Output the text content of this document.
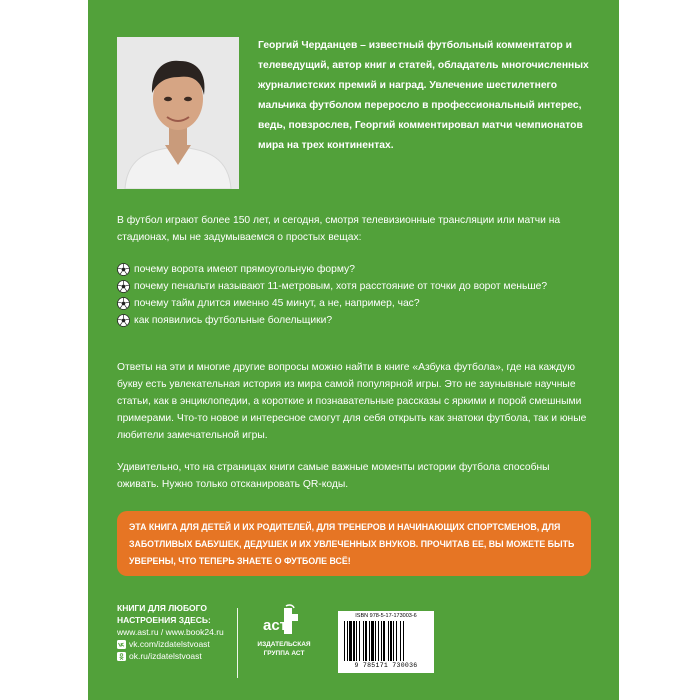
Георгий Черданцев – известный футбольный комментатор и телеведущий, автор книг и статей, обладатель многочисленных журналистских премий и наград. Увлечение шестилетнего мальчика футболом переросло в профессиональный интерес, ведь, повзрослев, Георгий комментировал матчи чемпионатов мира на трех континентах.
В футбол играют более 150 лет, и сегодня, смотря телевизионные трансляции или матчи на стадионах, мы не задумываемся о простых вещах:
почему ворота имеют прямоугольную форму?
почему пенальти называют 11-метровым, хотя расстояние от точки до ворот меньше?
почему тайм длится именно 45 минут, а не, например, час?
как появились футбольные болельщики?
Ответы на эти и многие другие вопросы можно найти в книге «Азбука футбола», где на каждую букву есть увлекательная история из мира самой популярной игры. Это не заунывные научные статьи, как в энциклопедии, а короткие и познавательные рассказы с яркими и порой смешными примерами. Что-то новое и интересное смогут для себя открыть как знатоки футбола, так и юные любители замечательной игры.
Удивительно, что на страницах книги самые важные моменты истории футбола способны оживать. Нужно только отсканировать QR-коды.
ЭТА КНИГА ДЛЯ ДЕТЕЙ И ИХ РОДИТЕЛЕЙ, ДЛЯ ТРЕНЕРОВ И НАЧИНАЮЩИХ СПОРТСМЕНОВ, ДЛЯ ЗАБОТЛИВЫХ БАБУШЕК, ДЕДУШЕК И ИХ УВЛЕЧЕННЫХ ВНУКОВ. ПРОЧИТАВ ЕЕ, ВЫ МОЖЕТЕ БЫТЬ УВЕРЕНЫ, ЧТО ТЕПЕРЬ ЗНАЕТЕ О ФУТБОЛЕ ВСЁ!
КНИГИ ДЛЯ ЛЮБОГО
НАСТРОЕНИЯ ЗДЕСЬ:
www.ast.ru / www.book24.ru
vk.com/izdatelstvoast
ok.ru/izdatelstvoast
аст
ИЗДАТЕЛЬСКАЯ
ГРУППА АСТ
ISBN 978-5-17-173003-6
9 785171 730036
